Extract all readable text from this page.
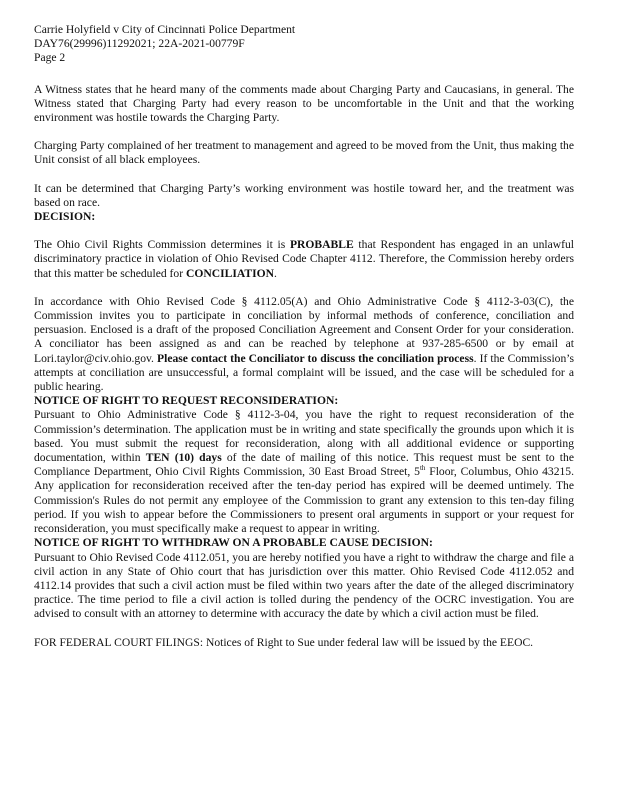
Carrie Holyfield v City of Cincinnati Police Department
DAY76(29996)11292021; 22A-2021-00779F
Page 2

A Witness states that he heard many of the comments made about Charging Party and Caucasians, in general. The Witness stated that Charging Party had every reason to be uncomfortable in the Unit and that the working environment was hostile towards the Charging Party.

Charging Party complained of her treatment to management and agreed to be moved from the Unit, thus making the Unit consist of all black employees.

It can be determined that Charging Party’s working environment was hostile toward her, and the treatment was based on race.

DECISION:

The Ohio Civil Rights Commission determines it is PROBABLE that Respondent has engaged in an unlawful discriminatory practice in violation of Ohio Revised Code Chapter 4112. Therefore, the Commission hereby orders that this matter be scheduled for CONCILIATION.

In accordance with Ohio Revised Code § 4112.05(A) and Ohio Administrative Code § 4112-3-03(C), the Commission invites you to participate in conciliation by informal methods of conference, conciliation and persuasion. Enclosed is a draft of the proposed Conciliation Agreement and Consent Order for your consideration. A conciliator has been assigned as and can be reached by telephone at 937-285-6500 or by email at Lori.taylor@civ.ohio.gov. Please contact the Conciliator to discuss the conciliation process. If the Commission’s attempts at conciliation are unsuccessful, a formal complaint will be issued, and the case will be scheduled for a public hearing.

NOTICE OF RIGHT TO REQUEST RECONSIDERATION:

Pursuant to Ohio Administrative Code § 4112-3-04, you have the right to request reconsideration of the Commission’s determination. The application must be in writing and state specifically the grounds upon which it is based. You must submit the request for reconsideration, along with all additional evidence or supporting documentation, within TEN (10) days of the date of mailing of this notice. This request must be sent to the Compliance Department, Ohio Civil Rights Commission, 30 East Broad Street, 5th Floor, Columbus, Ohio 43215. Any application for reconsideration received after the ten-day period has expired will be deemed untimely. The Commission's Rules do not permit any employee of the Commission to grant any extension to this ten-day filing period. If you wish to appear before the Commissioners to present oral arguments in support or your request for reconsideration, you must specifically make a request to appear in writing.

NOTICE OF RIGHT TO WITHDRAW ON A PROBABLE CAUSE DECISION:

Pursuant to Ohio Revised Code 4112.051, you are hereby notified you have a right to withdraw the charge and file a civil action in any State of Ohio court that has jurisdiction over this matter. Ohio Revised Code 4112.052 and 4112.14 provides that such a civil action must be filed within two years after the date of the alleged discriminatory practice. The time period to file a civil action is tolled during the pendency of the OCRC investigation. You are advised to consult with an attorney to determine with accuracy the date by which a civil action must be filed.

FOR FEDERAL COURT FILINGS: Notices of Right to Sue under federal law will be issued by the EEOC.
